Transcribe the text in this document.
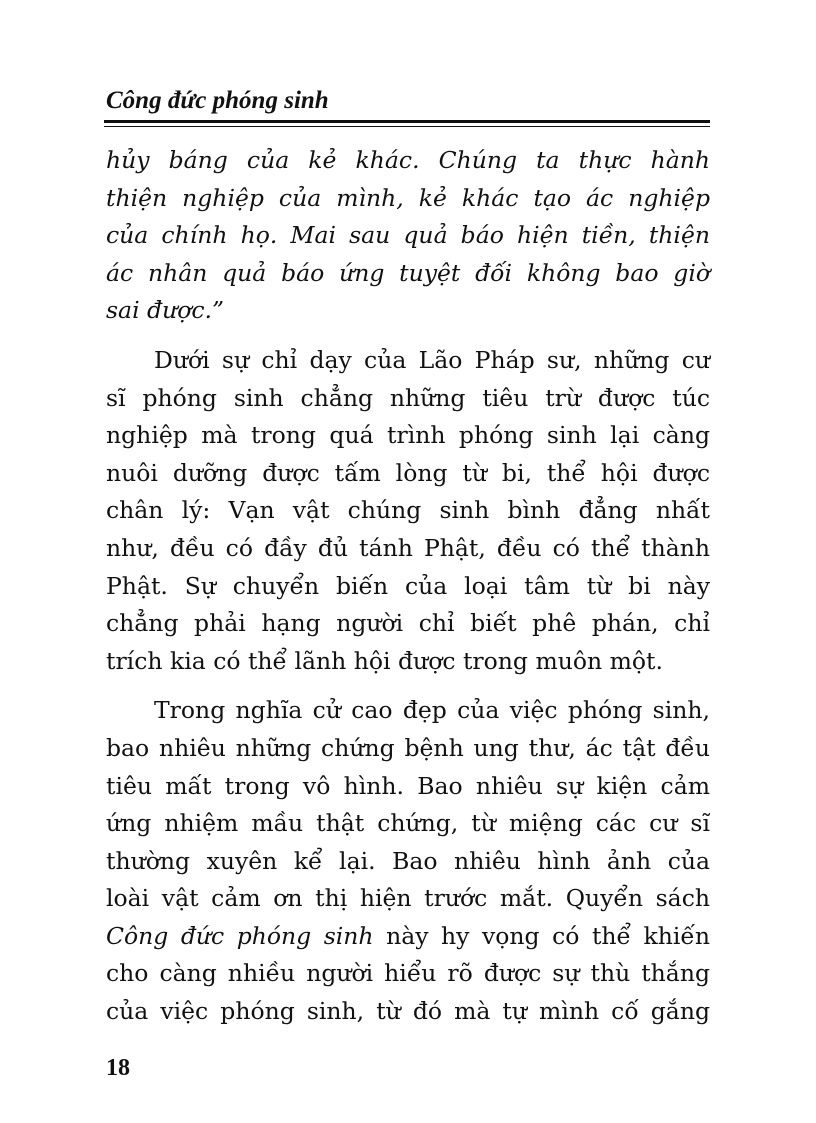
Công đức phóng sinh
hủy báng của kẻ khác. Chúng ta thực hành
thiện nghiệp của mình, kẻ khác tạo ác nghiệp
của chính họ. Mai sau quả báo hiện tiền, thiện
ác nhân quả báo ứng tuyệt đối không bao giờ
sai được.”
Dưới sự chỉ dạy của Lão Pháp sư, những cư
sĩ phóng sinh chẳng những tiêu trừ được túc
nghiệp mà trong quá trình phóng sinh lại càng
nuôi dưỡng được tấm lòng từ bi, thể hội được
chân lý: Vạn vật chúng sinh bình đẳng nhất
như, đều có đầy đủ tánh Phật, đều có thể thành
Phật. Sự chuyển biến của loại tâm từ bi này
chẳng phải hạng người chỉ biết phê phán, chỉ
trích kia có thể lãnh hội được trong muôn một.
Trong nghĩa cử cao đẹp của việc phóng sinh,
bao nhiêu những chứng bệnh ung thư, ác tật đều
tiêu mất trong vô hình. Bao nhiêu sự kiện cảm
ứng nhiệm mầu thật chứng, từ miệng các cư sĩ
thường xuyên kể lại. Bao nhiêu hình ảnh của
loài vật cảm ơn thị hiện trước mắt. Quyển sách
Công đức phóng sinh này hy vọng có thể khiến
cho càng nhiều người hiểu rõ được sự thù thắng
của việc phóng sinh, từ đó mà tự mình cố gắng
18
